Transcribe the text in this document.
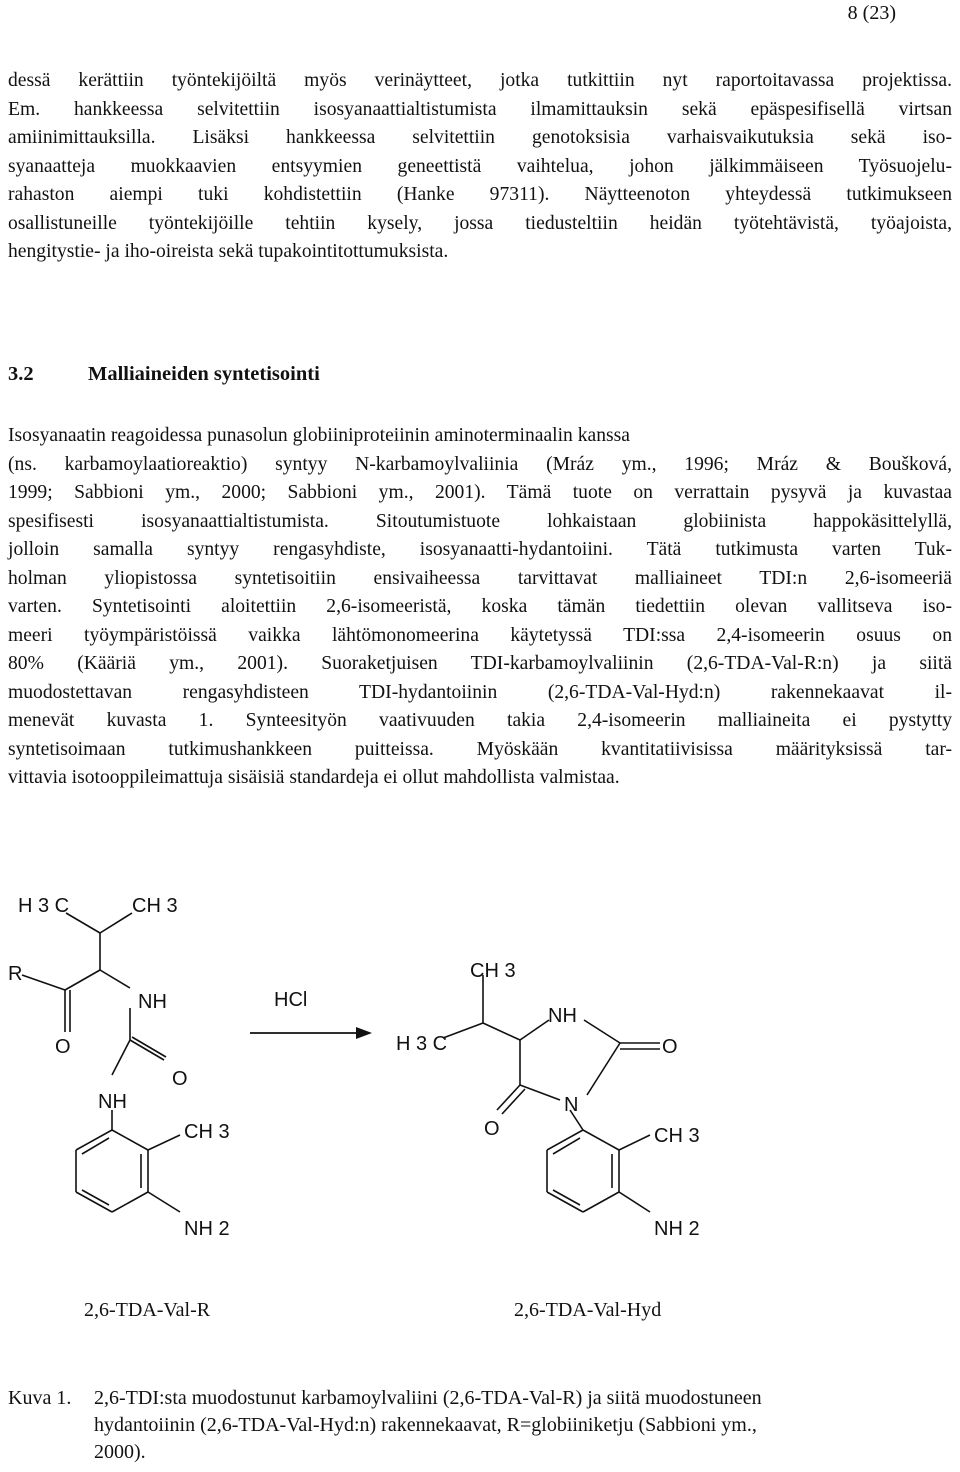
8 (23)

dessä kerättiin työntekijöiltä myös verinäytteet, jotka tutkittiin nyt raportoitavassa projektissa.
Em. hankkeessa selvitettiin isosyanaattialtistumista ilmamittauksin sekä epäspesifisellä virtsan
amiinimittauksilla. Lisäksi hankkeessa selvitettiin genotoksisia varhaisvaikutuksia sekä iso-
syanaatteja muokkaavien entsyymien geneettistä vaihtelua, johon jälkimmäiseen Työsuojelu-
rahaston aiempi tuki kohdistettiin (Hanke 97311). Näytteenoton yhteydessä tutkimukseen
osallistuneille työntekijöille tehtiin kysely, jossa tiedusteltiin heidän työtehtävistä, työajoista,
hengitystie- ja iho-oireista sekä tupakointitottumuksista.

3.2	Malliaineiden syntetisointi

Isosyanaatin reagoidessa punasolun globiiniproteiinin aminoterminaalin kanssa
(ns. karbamoylaatioreaktio) syntyy N-karbamoylvaliinia (Mráz ym., 1996; Mráz & Boušková,
1999; Sabbioni ym., 2000; Sabbioni ym., 2001). Tämä tuote on verrattain pysyvä ja kuvastaa
spesifisesti isosyanaattialtistumista. Sitoutumistuote lohkaistaan globiinista happokäsittelyllä,
jolloin samalla syntyy rengasyhdiste, isosyanaatti-hydantoiini. Tätä tutkimusta varten Tuk-
holman yliopistossa syntetisoitiin ensivaiheessa tarvittavat malliaineet TDI:n 2,6-isomeeriä
varten. Syntetisointi aloitettiin 2,6-isomeeristä, koska tämän tiedettiin olevan vallitseva iso-
meeri työympäristöissä vaikka lähtömonomeerina käytetyssä TDI:ssa 2,4-isomeerin osuus on
80% (Kääriä ym., 2001). Suoraketjuisen TDI-karbamoylvaliinin (2,6-TDA-Val-R:n) ja siitä
muodostettavan rengasyhdisteen TDI-hydantoiinin (2,6-TDA-Val-Hyd:n) rakennekaavat il-
menevät kuvasta 1. Synteesityön vaativuuden takia 2,4-isomeerin malliaineita ei pystytty
syntetisoimaan tutkimushankkeen puitteissa. Myöskään kvantitatiivisissa määrityksissä tar-
vittavia isotooppileimattuja sisäisiä standardeja ei ollut mahdollista valmistaa.

H 3 C	CH 3
R
NH
O
O
NH
CH 3
NH 2
HCl
CH 3
H 3 C
NH
O
N
O	CH 3
NH 2
2,6-TDA-Val-R	2,6-TDA-Val-Hyd
Kuva 1. 2,6-TDI:sta muodostunut karbamoylvaliini (2,6-TDA-Val-R) ja siitä muodostuneen
hydantoiinin (2,6-TDA-Val-Hyd:n) rakennekaavat, R=globiiniketju (Sabbioni ym.,
2000).
